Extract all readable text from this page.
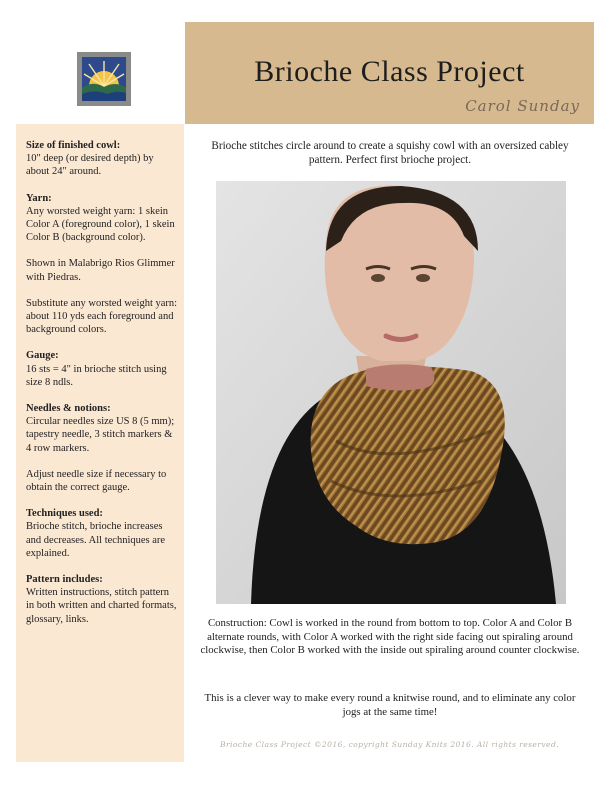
Brioche Class Project
Carol Sunday
Size of finished cowl:

10" deep (or desired depth) by about 24" around.

Yarn:

Any worsted weight yarn: 1 skein Color A (foreground color), 1 skein Color B (background color).

Shown in Malabrigo Rios Glimmer with Piedras.

Substitute any worsted weight yarn: about 110 yds each foreground and background colors.

Gauge:

16 sts = 4" in brioche stitch using size 8 ndls.

Needles & notions:

Circular needles size US 8 (5 mm); tapestry needle, 3 stitch markers & 4 row markers.

Adjust needle size if necessary to obtain the correct gauge.

Techniques used:

Brioche stitch, brioche increases and decreases. All techniques are explained.

Pattern includes:

Written instructions, stitch pattern in both written and charted formats, glossary, links.

Brioche stitches circle around to create a squishy cowl with an oversized cabley pattern. Perfect first brioche project.
Construction: Cowl is worked in the round from bottom to top. Color A and Color B alternate rounds, with Color A worked with the right side facing out spiraling around clockwise, then Color B worked with the inside out spiraling around counter clockwise.
This is a clever way to make every round a knitwise round, and to eliminate any color jogs at the same time!
Brioche Class Project ©2016, copyright Sunday Knits 2016. All rights reserved.
